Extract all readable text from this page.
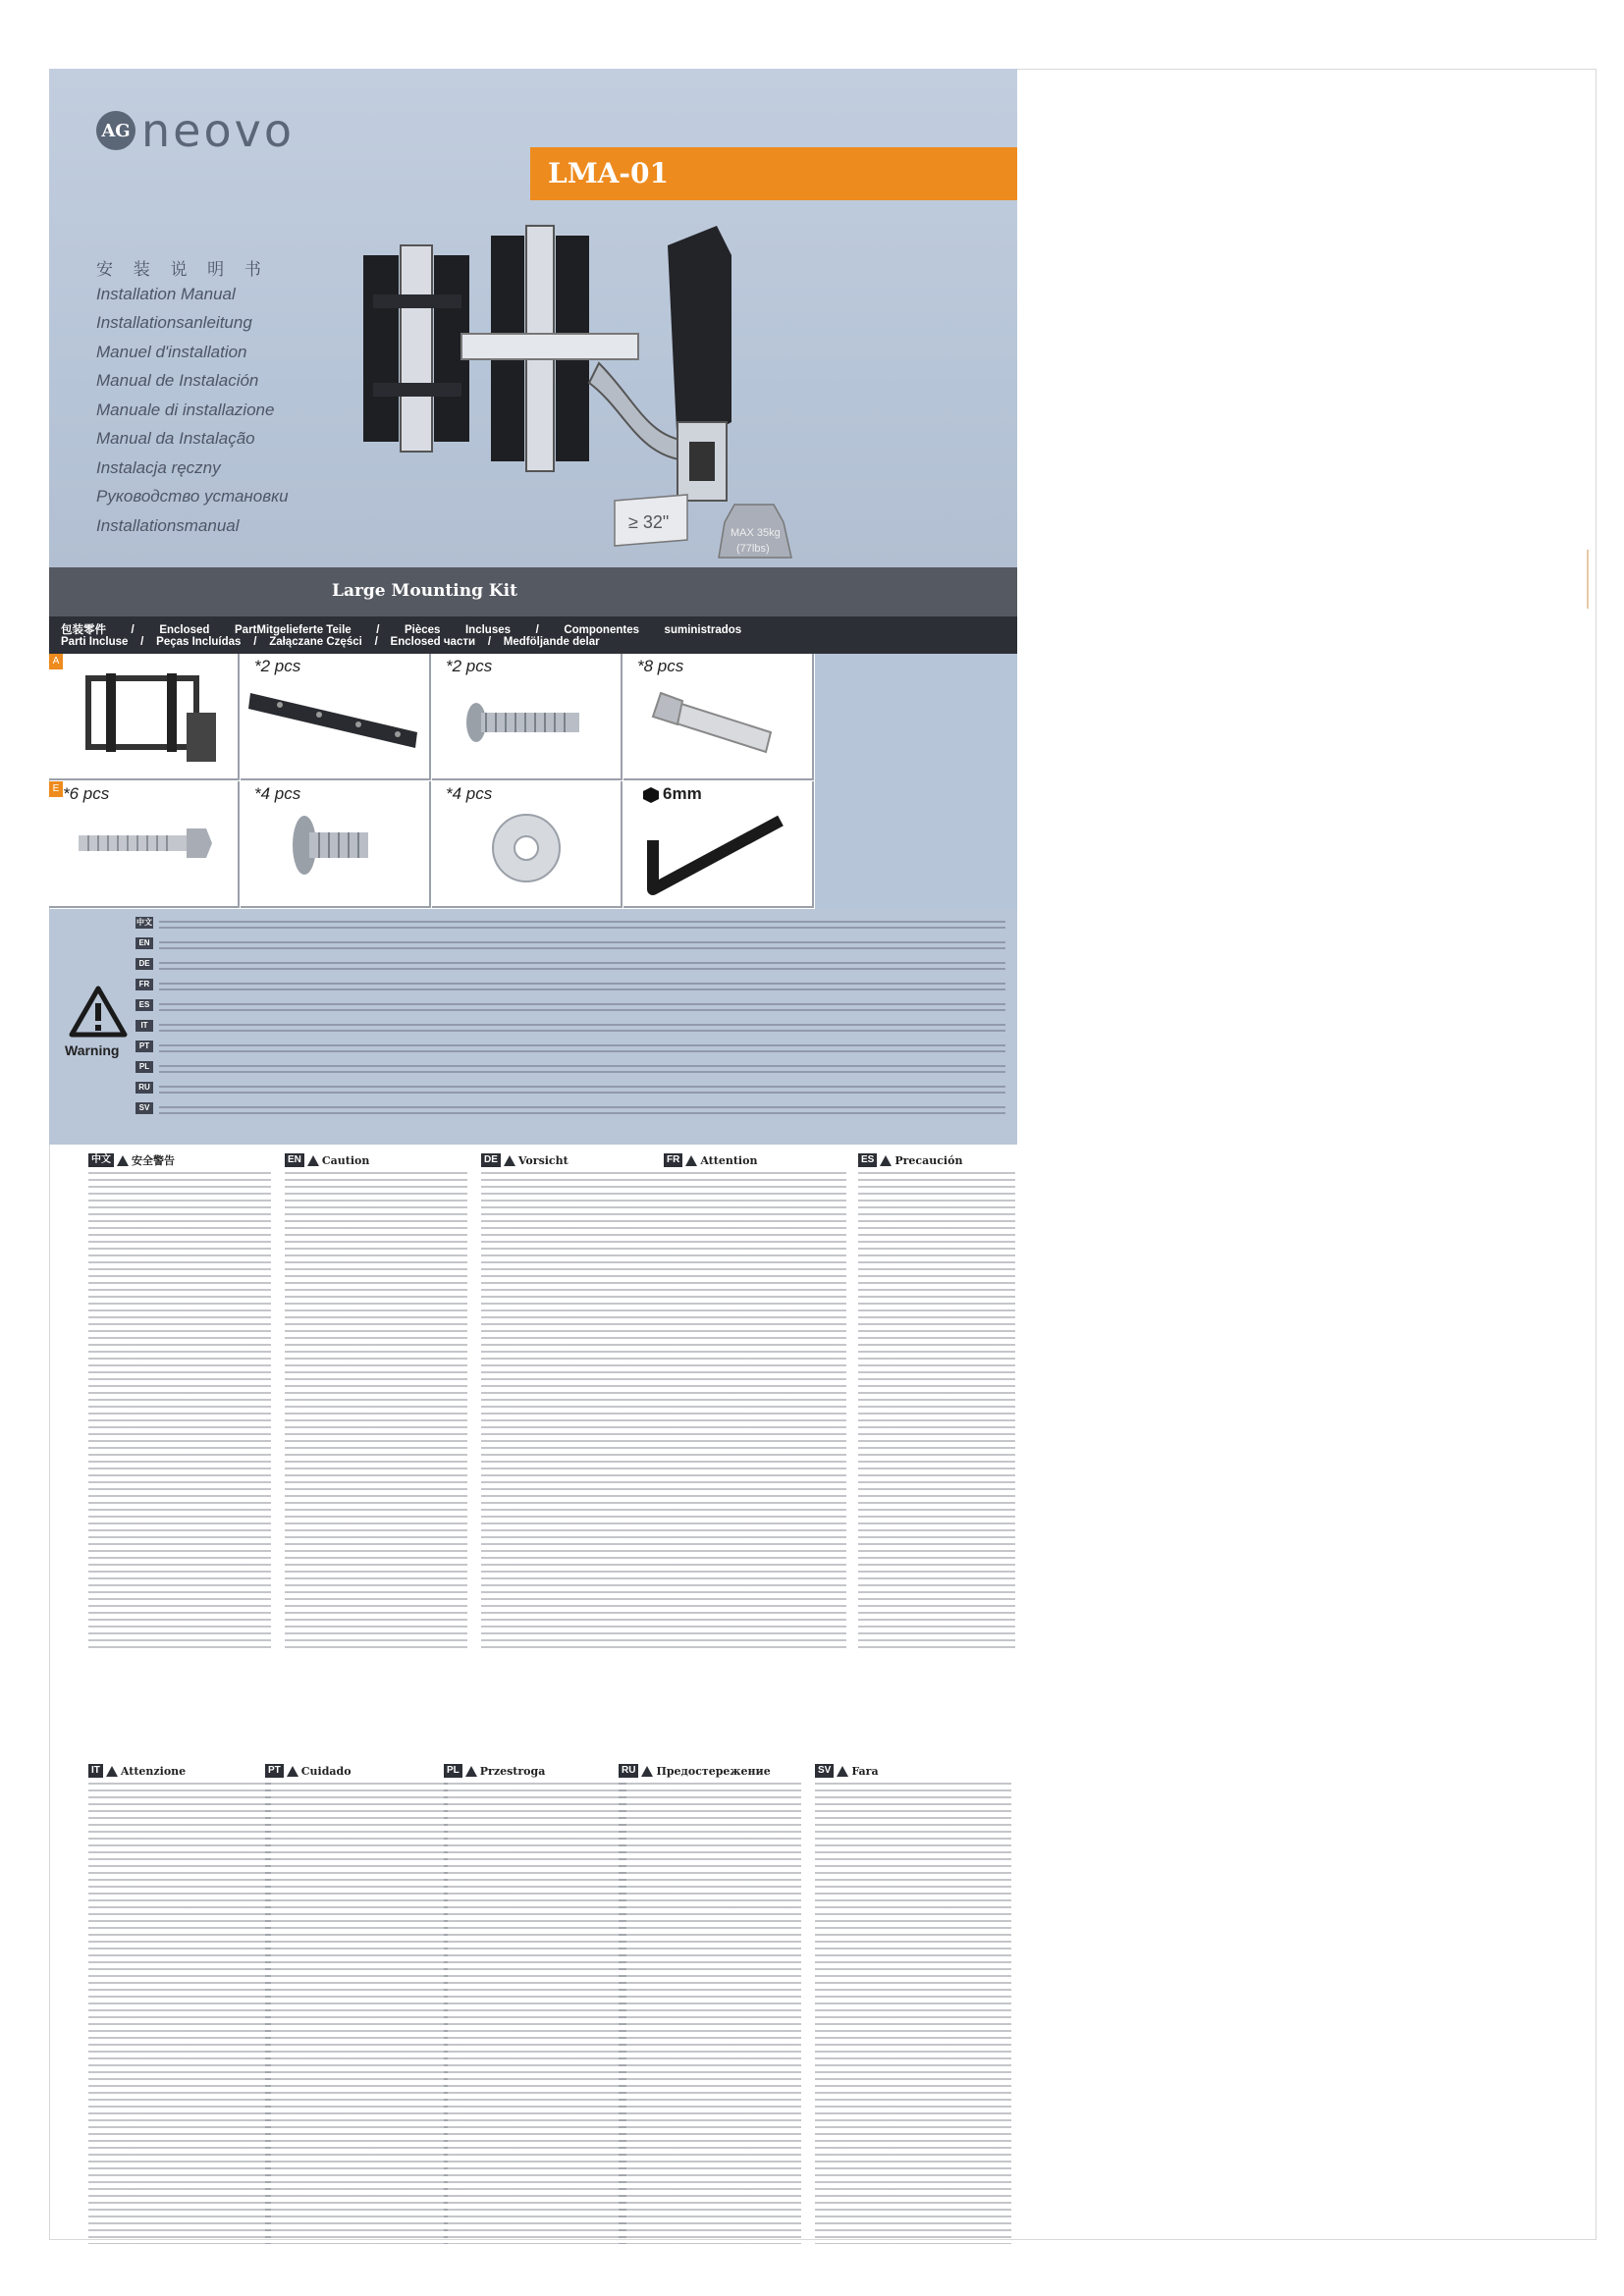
AG neovo
LMA-01
安 装 说 明 书
Installation Manual
Installationsanleitung
Manuel d'installation
Manual de Instalación
Manuale di installazione
Manual da Instalação
Instalacja ręczny
Руководство установки
Installationsmanual	≥ 32"
MAX 35kg
(77lbs)
Large Mounting Kit
包装零件        /        Enclosed        PartMitgelieferte Teile        /        Pièces        Incluses        /        Componentes        suministrados
Parti Incluse    /    Peças Incluídas    /    Załączane Części    /    Enclosed части    /    Medföljande delar
A	*2 pcs	*2 pcs	*8 pcs
E *6 pcs	*4 pcs	*4 pcs	6mm
Warning
中文
EN
DE
FR
ES
IT
PT
PL
RU
SV
中文 安全警告	EN Caution	DE Vorsicht	FR Attention	ES Precaución
IT Attenzione	PT Cuidado	PL Przestroga	RU Предостережение	SV Fara
